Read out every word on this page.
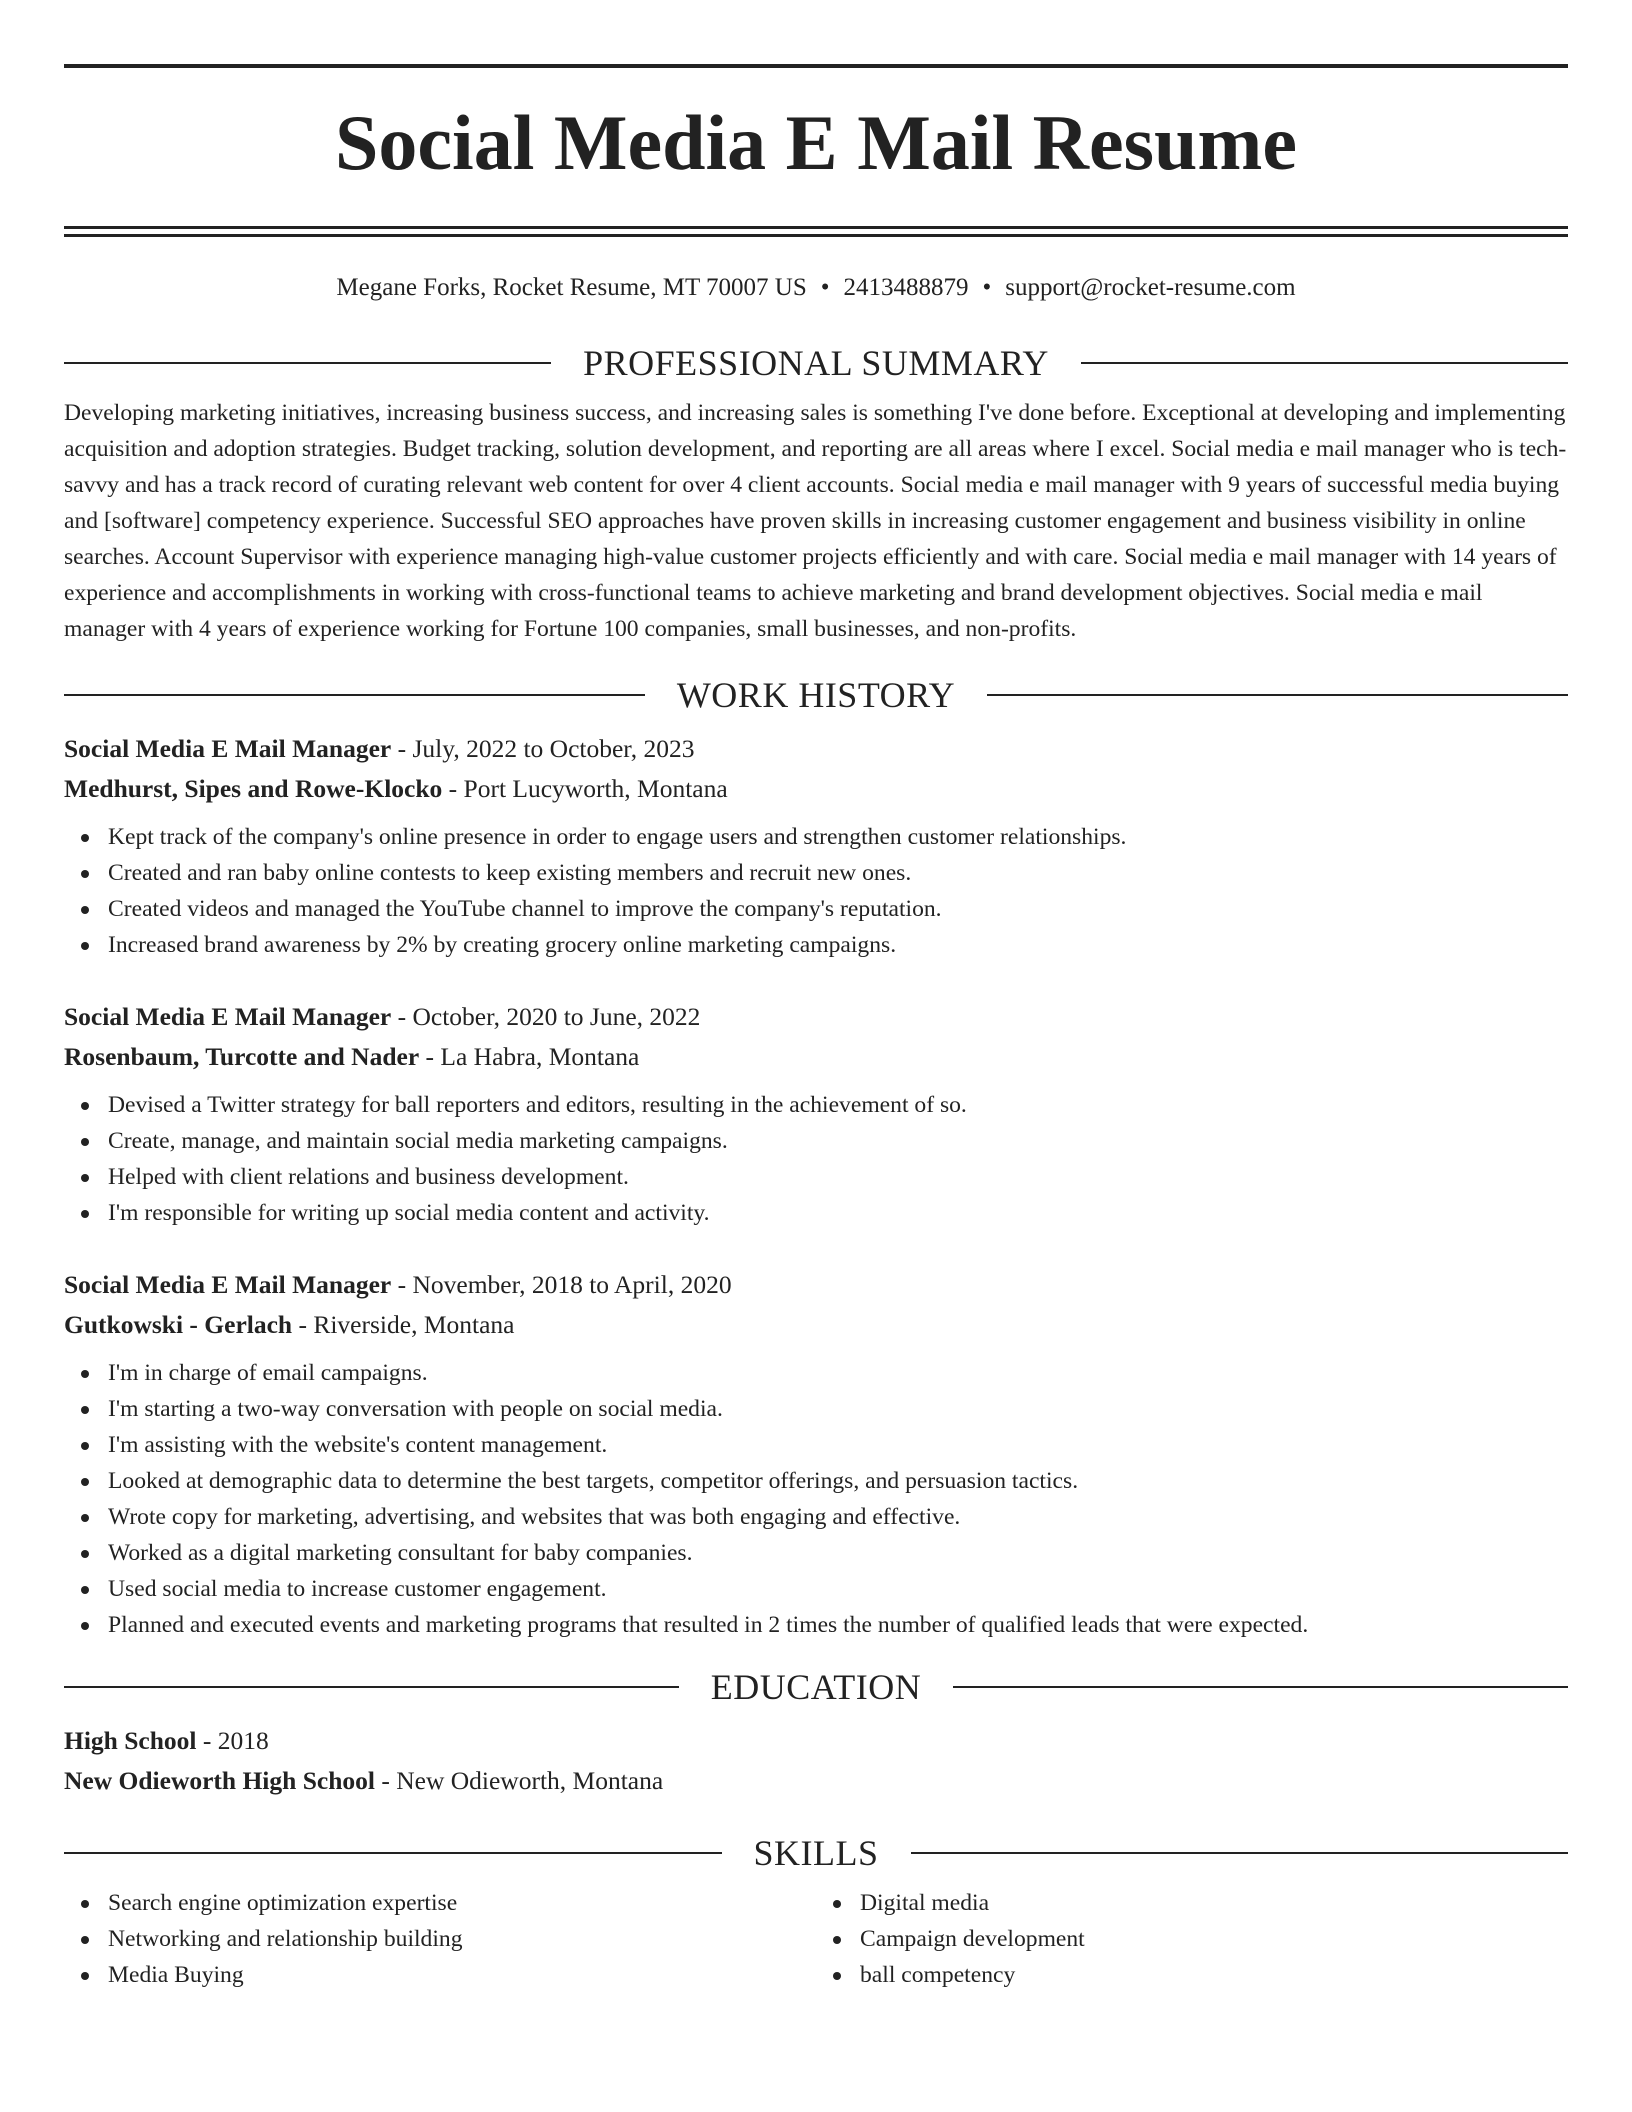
Social Media E Mail Resume
Megane Forks, Rocket Resume, MT 70007 US • 2413488879 • support@rocket-resume.com
PROFESSIONAL SUMMARY

Developing marketing initiatives, increasing business success, and increasing sales is something I've done before. Exceptional at developing and implementing acquisition and adoption strategies. Budget tracking, solution development, and reporting are all areas where I excel. Social media e mail manager who is tech-savvy and has a track record of curating relevant web content for over 4 client accounts. Social media e mail manager with 9 years of successful media buying and [software] competency experience. Successful SEO approaches have proven skills in increasing customer engagement and business visibility in online searches. Account Supervisor with experience managing high-value customer projects efficiently and with care. Social media e mail manager with 14 years of experience and accomplishments in working with cross-functional teams to achieve marketing and brand development objectives. Social media e mail manager with 4 years of experience working for Fortune 100 companies, small businesses, and non-profits.

WORK HISTORY
Social Media E Mail Manager - July, 2022 to October, 2023
Medhurst, Sipes and Rowe-Klocko - Port Lucyworth, Montana
Kept track of the company's online presence in order to engage users and strengthen customer relationships.
Created and ran baby online contests to keep existing members and recruit new ones.
Created videos and managed the YouTube channel to improve the company's reputation.
Increased brand awareness by 2% by creating grocery online marketing campaigns.
Social Media E Mail Manager - October, 2020 to June, 2022
Rosenbaum, Turcotte and Nader - La Habra, Montana
Devised a Twitter strategy for ball reporters and editors, resulting in the achievement of so.
Create, manage, and maintain social media marketing campaigns.
Helped with client relations and business development.
I'm responsible for writing up social media content and activity.
Social Media E Mail Manager - November, 2018 to April, 2020
Gutkowski - Gerlach - Riverside, Montana
I'm in charge of email campaigns.
I'm starting a two-way conversation with people on social media.
I'm assisting with the website's content management.
Looked at demographic data to determine the best targets, competitor offerings, and persuasion tactics.
Wrote copy for marketing, advertising, and websites that was both engaging and effective.
Worked as a digital marketing consultant for baby companies.
Used social media to increase customer engagement.
Planned and executed events and marketing programs that resulted in 2 times the number of qualified leads that were expected.
EDUCATION
High School - 2018
New Odieworth High School - New Odieworth, Montana
SKILLS
Search engine optimization expertise
Networking and relationship building
Media Buying
Digital media
Campaign development
ball competency
